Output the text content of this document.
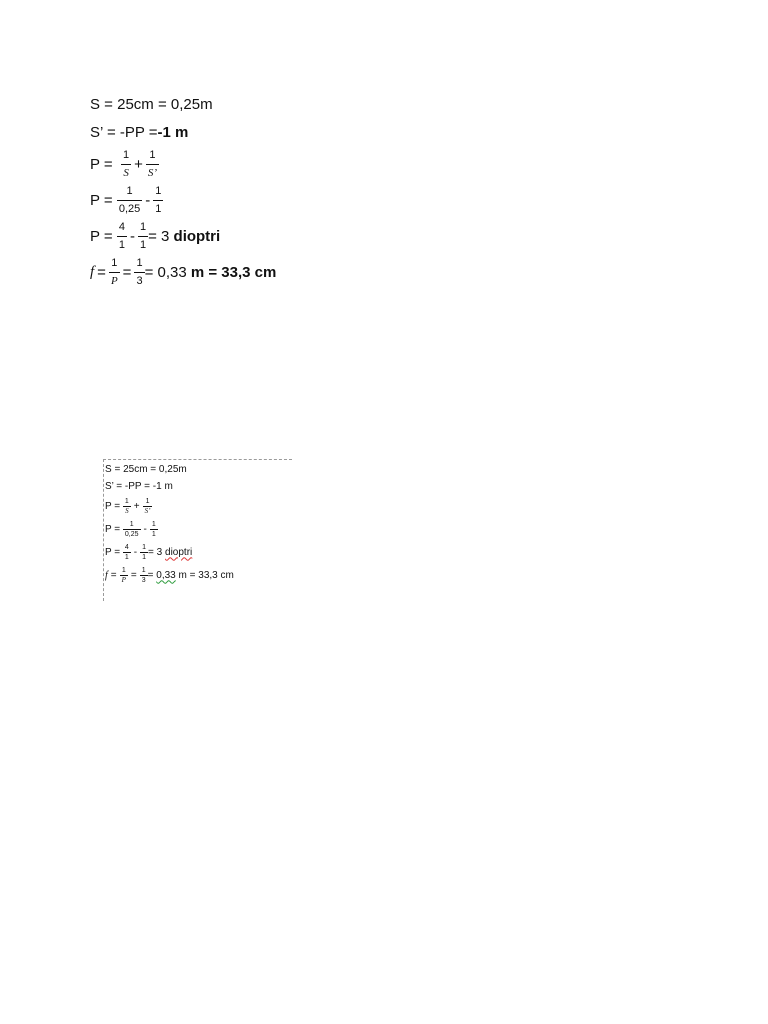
S = 25cm = 0,25m
S’ = -PP = -1 m
P =
$\frac{1}{S} + \frac{1}{S’}$
P =
$\frac{1}{0,25} - \frac{1}{1}$
P =
$\frac{4}{1} - \frac{1}{1} = 3$ dioptri
$f = \frac{1}{P} = \frac{1}{3} = 0,33$ m = 33,3 cm
S = 25cm = 0,25m
S’ = -PP = -1 m
P =
$\frac{1}{S} + \frac{1}{S’}$
P =
$\frac{1}{0,25} - \frac{1}{1}$
P =
$\frac{4}{1} - \frac{1}{1} = 3$ dioptri
$f = \frac{1}{P} = \frac{1}{3} = 0,33$ m = 33,3 cm
